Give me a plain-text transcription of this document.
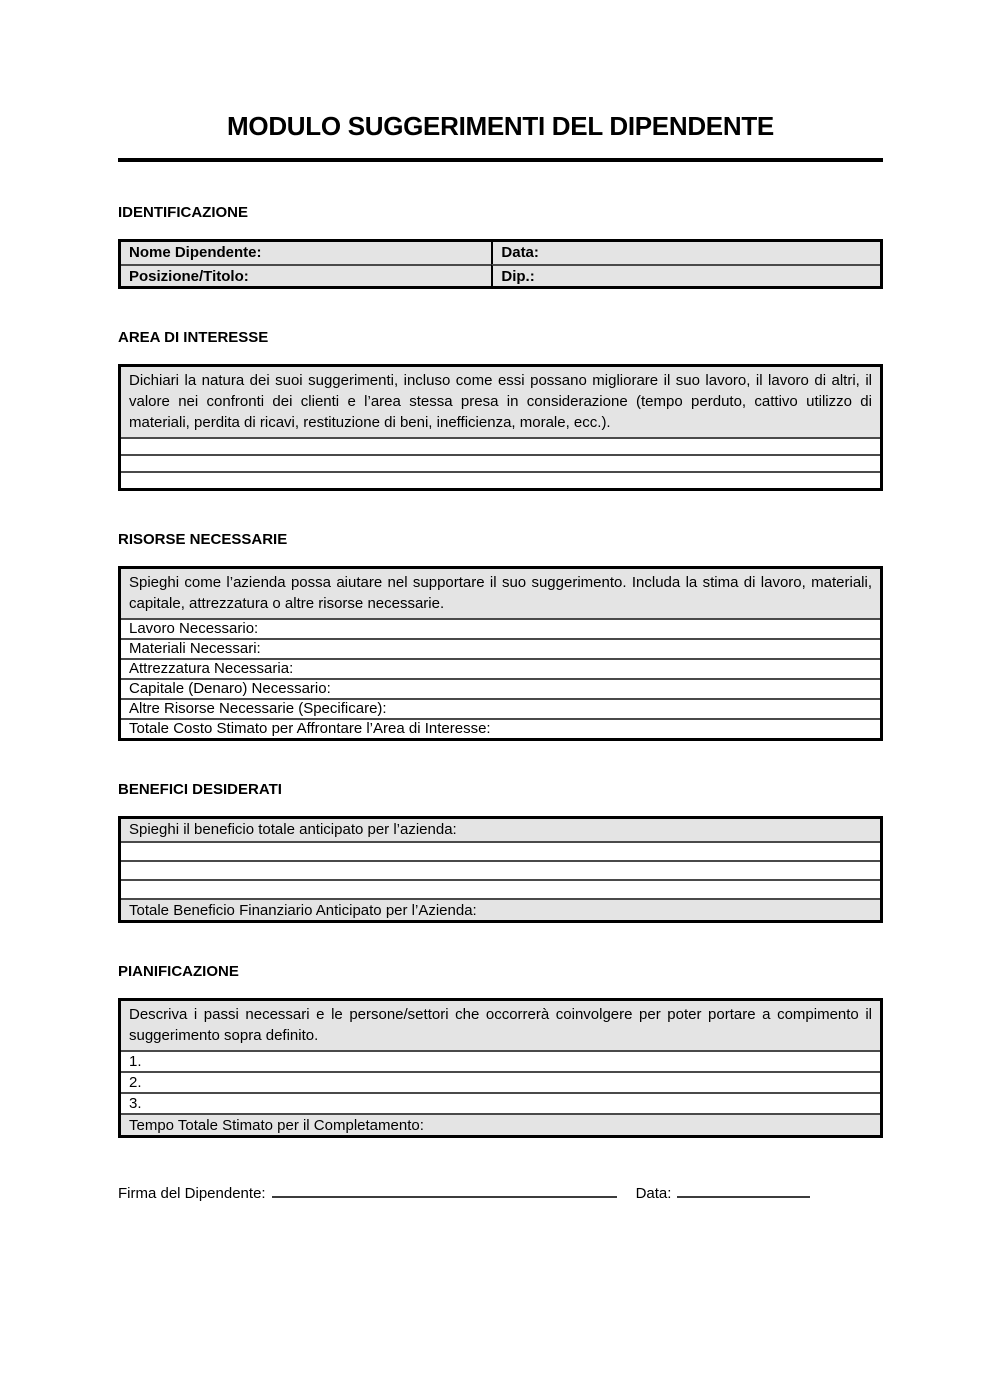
MODULO SUGGERIMENTI DEL DIPENDENTE
IDENTIFICAZIONE
Nome Dipendente:	Data:
Posizione/Titolo:	Dip.:
AREA DI INTERESSE
Dichiari la natura dei suoi suggerimenti, incluso come essi possano migliorare il suo lavoro, il lavoro di altri, il valore nei confronti dei clienti e l’area stessa presa in considerazione (tempo perduto, cattivo utilizzo di materiali, perdita di ricavi, restituzione di beni, inefficienza, morale, ecc.).
RISORSE NECESSARIE
Spieghi come l’azienda possa aiutare nel supportare il suo suggerimento. Includa la stima di lavoro, materiali, capitale, attrezzatura o altre risorse necessarie.
Lavoro Necessario:
Materiali Necessari:
Attrezzatura Necessaria:
Capitale (Denaro) Necessario:
Altre Risorse Necessarie (Specificare):
Totale Costo Stimato per Affrontare l’Area di Interesse:
BENEFICI DESIDERATI
Spieghi il beneficio totale anticipato per l’azienda:
Totale Beneficio Finanziario Anticipato per l’Azienda:
PIANIFICAZIONE
Descriva i passi necessari e le persone/settori che occorrerà coinvolgere per poter portare a compimento il suggerimento sopra definito.
1.
2.
3.
Tempo Totale Stimato per il Completamento:
Firma del Dipendente:	Data:
